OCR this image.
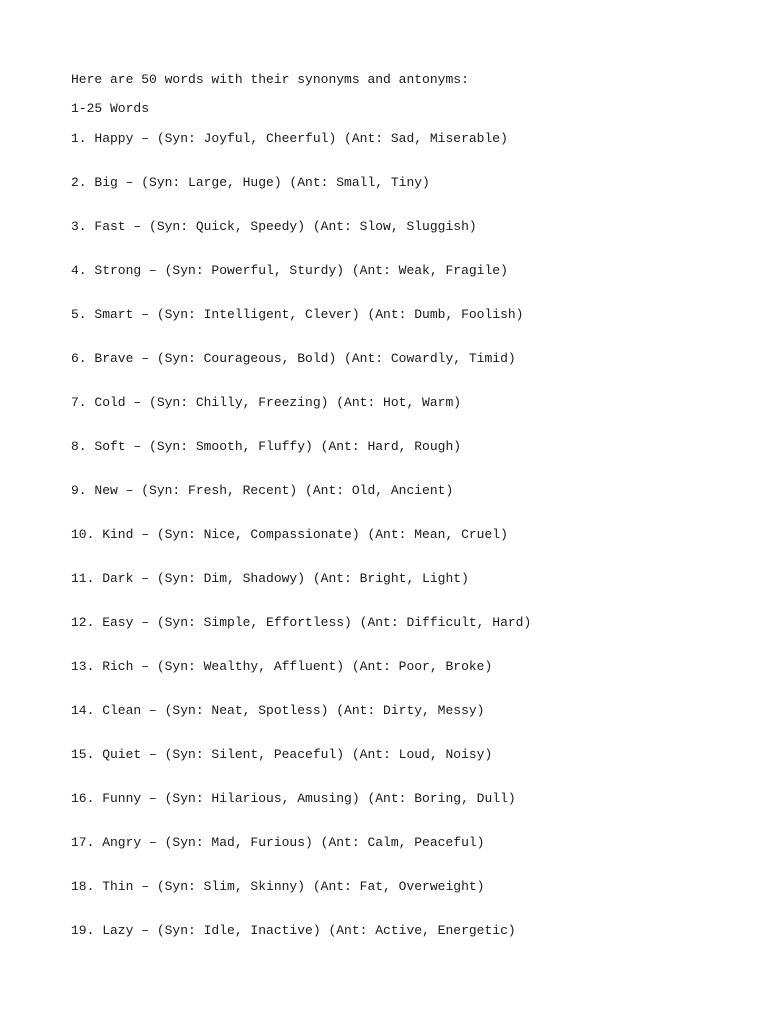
Here are 50 words with their synonyms and antonyms:

1-25 Words

1. Happy – (Syn: Joyful, Cheerful) (Ant: Sad, Miserable)

2. Big – (Syn: Large, Huge) (Ant: Small, Tiny)

3. Fast – (Syn: Quick, Speedy) (Ant: Slow, Sluggish)

4. Strong – (Syn: Powerful, Sturdy) (Ant: Weak, Fragile)

5. Smart – (Syn: Intelligent, Clever) (Ant: Dumb, Foolish)

6. Brave – (Syn: Courageous, Bold) (Ant: Cowardly, Timid)

7. Cold – (Syn: Chilly, Freezing) (Ant: Hot, Warm)

8. Soft – (Syn: Smooth, Fluffy) (Ant: Hard, Rough)

9. New – (Syn: Fresh, Recent) (Ant: Old, Ancient)

10. Kind – (Syn: Nice, Compassionate) (Ant: Mean, Cruel)

11. Dark – (Syn: Dim, Shadowy) (Ant: Bright, Light)

12. Easy – (Syn: Simple, Effortless) (Ant: Difficult, Hard)

13. Rich – (Syn: Wealthy, Affluent) (Ant: Poor, Broke)

14. Clean – (Syn: Neat, Spotless) (Ant: Dirty, Messy)

15. Quiet – (Syn: Silent, Peaceful) (Ant: Loud, Noisy)

16. Funny – (Syn: Hilarious, Amusing) (Ant: Boring, Dull)

17. Angry – (Syn: Mad, Furious) (Ant: Calm, Peaceful)

18. Thin – (Syn: Slim, Skinny) (Ant: Fat, Overweight)

19. Lazy – (Syn: Idle, Inactive) (Ant: Active, Energetic)
